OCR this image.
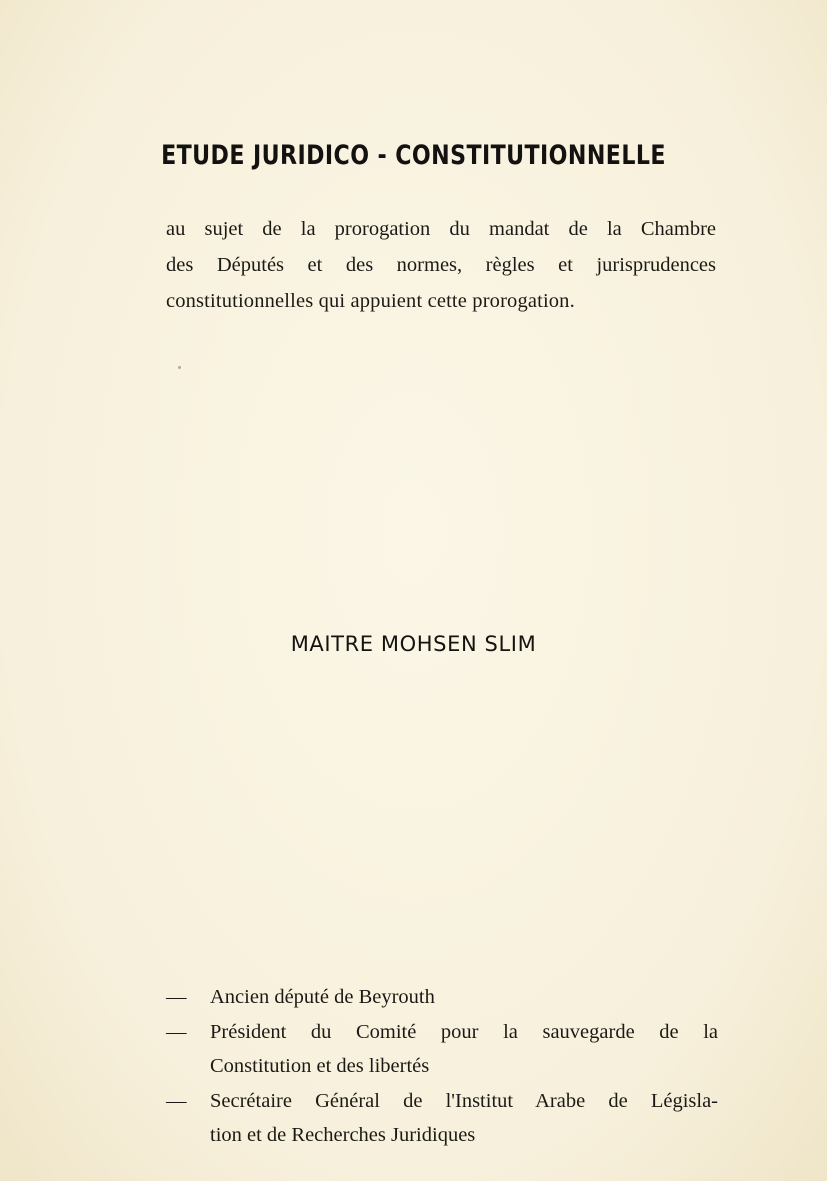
ETUDE JURIDICO - CONSTITUTIONNELLE
au sujet de la prorogation du mandat de la Chambre
des Députés et des normes, règles et jurisprudences
constitutionnelles qui appuient cette prorogation.
MAITRE MOHSEN SLIM
— Ancien député de Beyrouth
— Président du Comité pour la sauvegarde de la
Constitution et des libertés
— Secrétaire Général de l'Institut Arabe de Législa-
tion et de Recherches Juridiques
